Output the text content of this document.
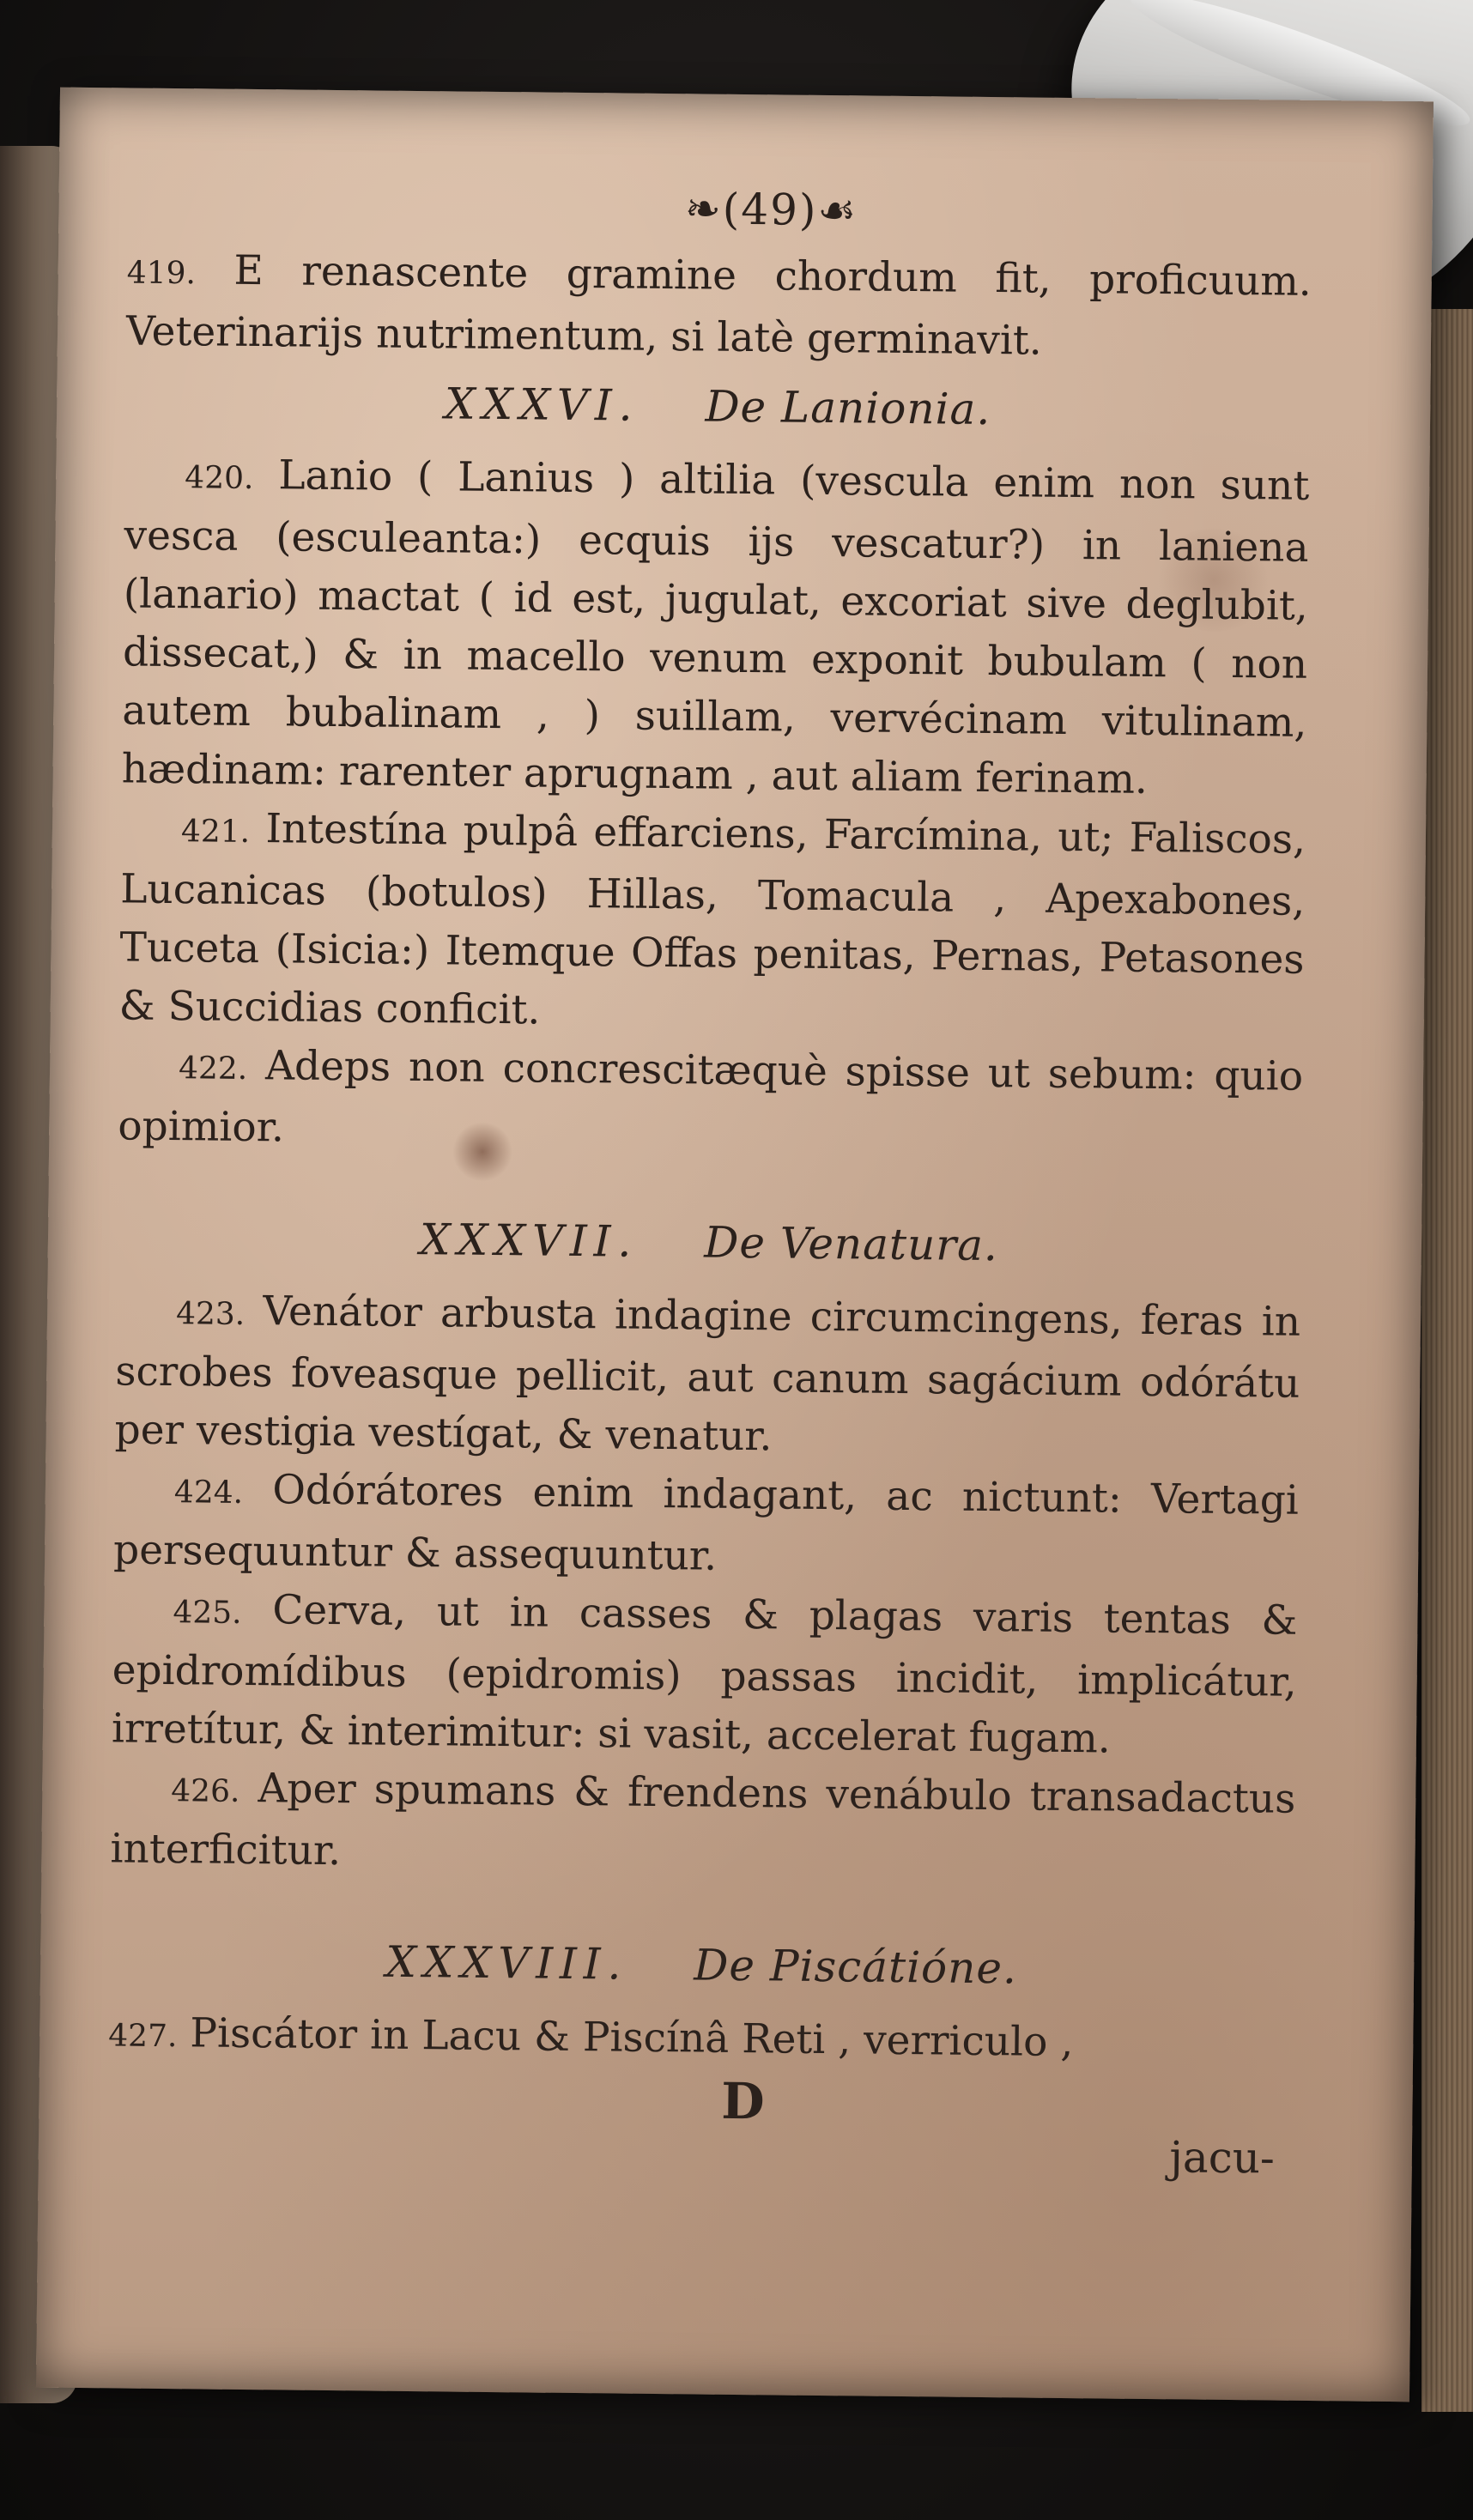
❧(49)☙

419. E renascente gramine chordum fit, proficuum. Veterinarijs nutrimentum, si latè germinavit.

XXXVI. De Lanionia.

420. Lanio ( Lanius ) altilia (vescula enim non sunt vesca (esculeanta:) ecquis ijs vescatur?) in laniena (lanario) mactat ( id est, jugulat, excoriat sive deglubit, dissecat,) & in macello venum exponit bubulam ( non autem bubalinam , ) suillam, vervécinam vitulinam, hædinam: rarenter aprugnam , aut aliam ferinam.

421. Intestína pulpâ effarciens, Farcímina, ut; Faliscos, Lucanicas (botulos) Hillas, Tomacula , Apexabones, Tuceta (Isicia:) Itemque Offas penitas, Pernas, Petasones & Succidias conficit.

422. Adeps non concrescitæquè spisse ut sebum: quio opimior.

XXXVII. De Venatura.

423. Venátor arbusta indagine circumcingens, feras in scrobes foveasque pellicit, aut canum sagácium odórátu per vestigia vestígat, & venatur.

424. Odórátores enim indagant, ac nictunt: Vertagi persequuntur & assequuntur.

425. Cerva, ut in casses & plagas varis tentas & epidromídibus (epidromis) passas incidit, implicátur, irretítur, & interimitur: si vasit, accelerat fugam.

426. Aper spumans & frendens venábulo transadactus interficitur.

XXXVIII. De Piscátióne.

427. Piscátor in Lacu & Piscínâ Reti , verriculo ,

D
jacu-
